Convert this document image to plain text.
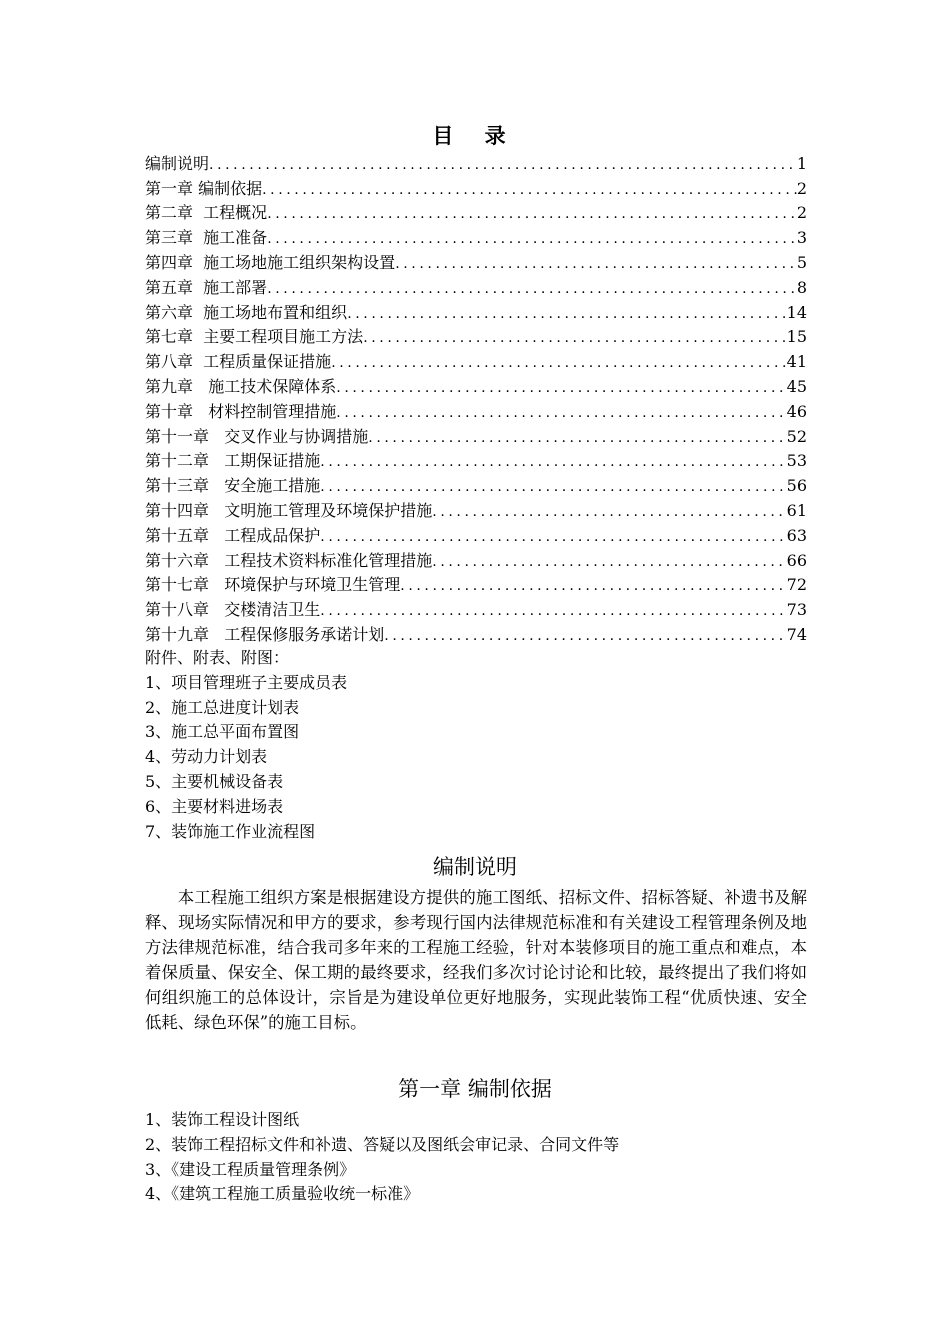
目 录
编制说明 .....	1
第一章 编制依据 .....	2
第二章  工程概况 .....	2
第三章  施工准备 .....	3
第四章  施工场地施工组织架构设置 .....	5
第五章  施工部署 .....	8
第六章  施工场地布置和组织 .....	14
第七章  主要工程项目施工方法 .....	15
第八章  工程质量保证措施 .....	41
第九章   施工技术保障体系 .....	45
第十章   材料控制管理措施 .....	46
第十一章   交叉作业与协调措施 .....	52
第十二章   工期保证措施 .....	53
第十三章   安全施工措施 .....	56
第十四章   文明施工管理及环境保护措施 .....	61
第十五章   工程成品保护 .....	63
第十六章   工程技术资料标准化管理措施 .....	66
第十七章   环境保护与环境卫生管理 .....	72
第十八章   交楼清洁卫生 .....	73
第十九章   工程保修服务承诺计划 .....	74
附件、附表、附图：
1、项目管理班子主要成员表
2、施工总进度计划表
3、施工总平面布置图
4、劳动力计划表
5、主要机械设备表
6、主要材料进场表
7、装饰施工作业流程图
编制说明
本工程施工组织方案是根据建设方提供的施工图纸、招标文件、招标答疑、补遗书及解释、现场实际情况和甲方的要求，参考现行国内法律规范标准和有关建设工程管理条例及地方法律规范标准，结合我司多年来的工程施工经验，针对本装修项目的施工重点和难点，本着保质量、保安全、保工期的最终要求，经我们多次讨论讨论和比较，最终提出了我们将如何组织施工的总体设计，宗旨是为建设单位更好地服务，实现此装饰工程“优质快速、安全低耗、绿色环保”的施工目标。
第一章 编制依据
1、装饰工程设计图纸
2、装饰工程招标文件和补遗、答疑以及图纸会审记录、合同文件等
3、《建设工程质量管理条例》
4、《建筑工程施工质量验收统一标准》
